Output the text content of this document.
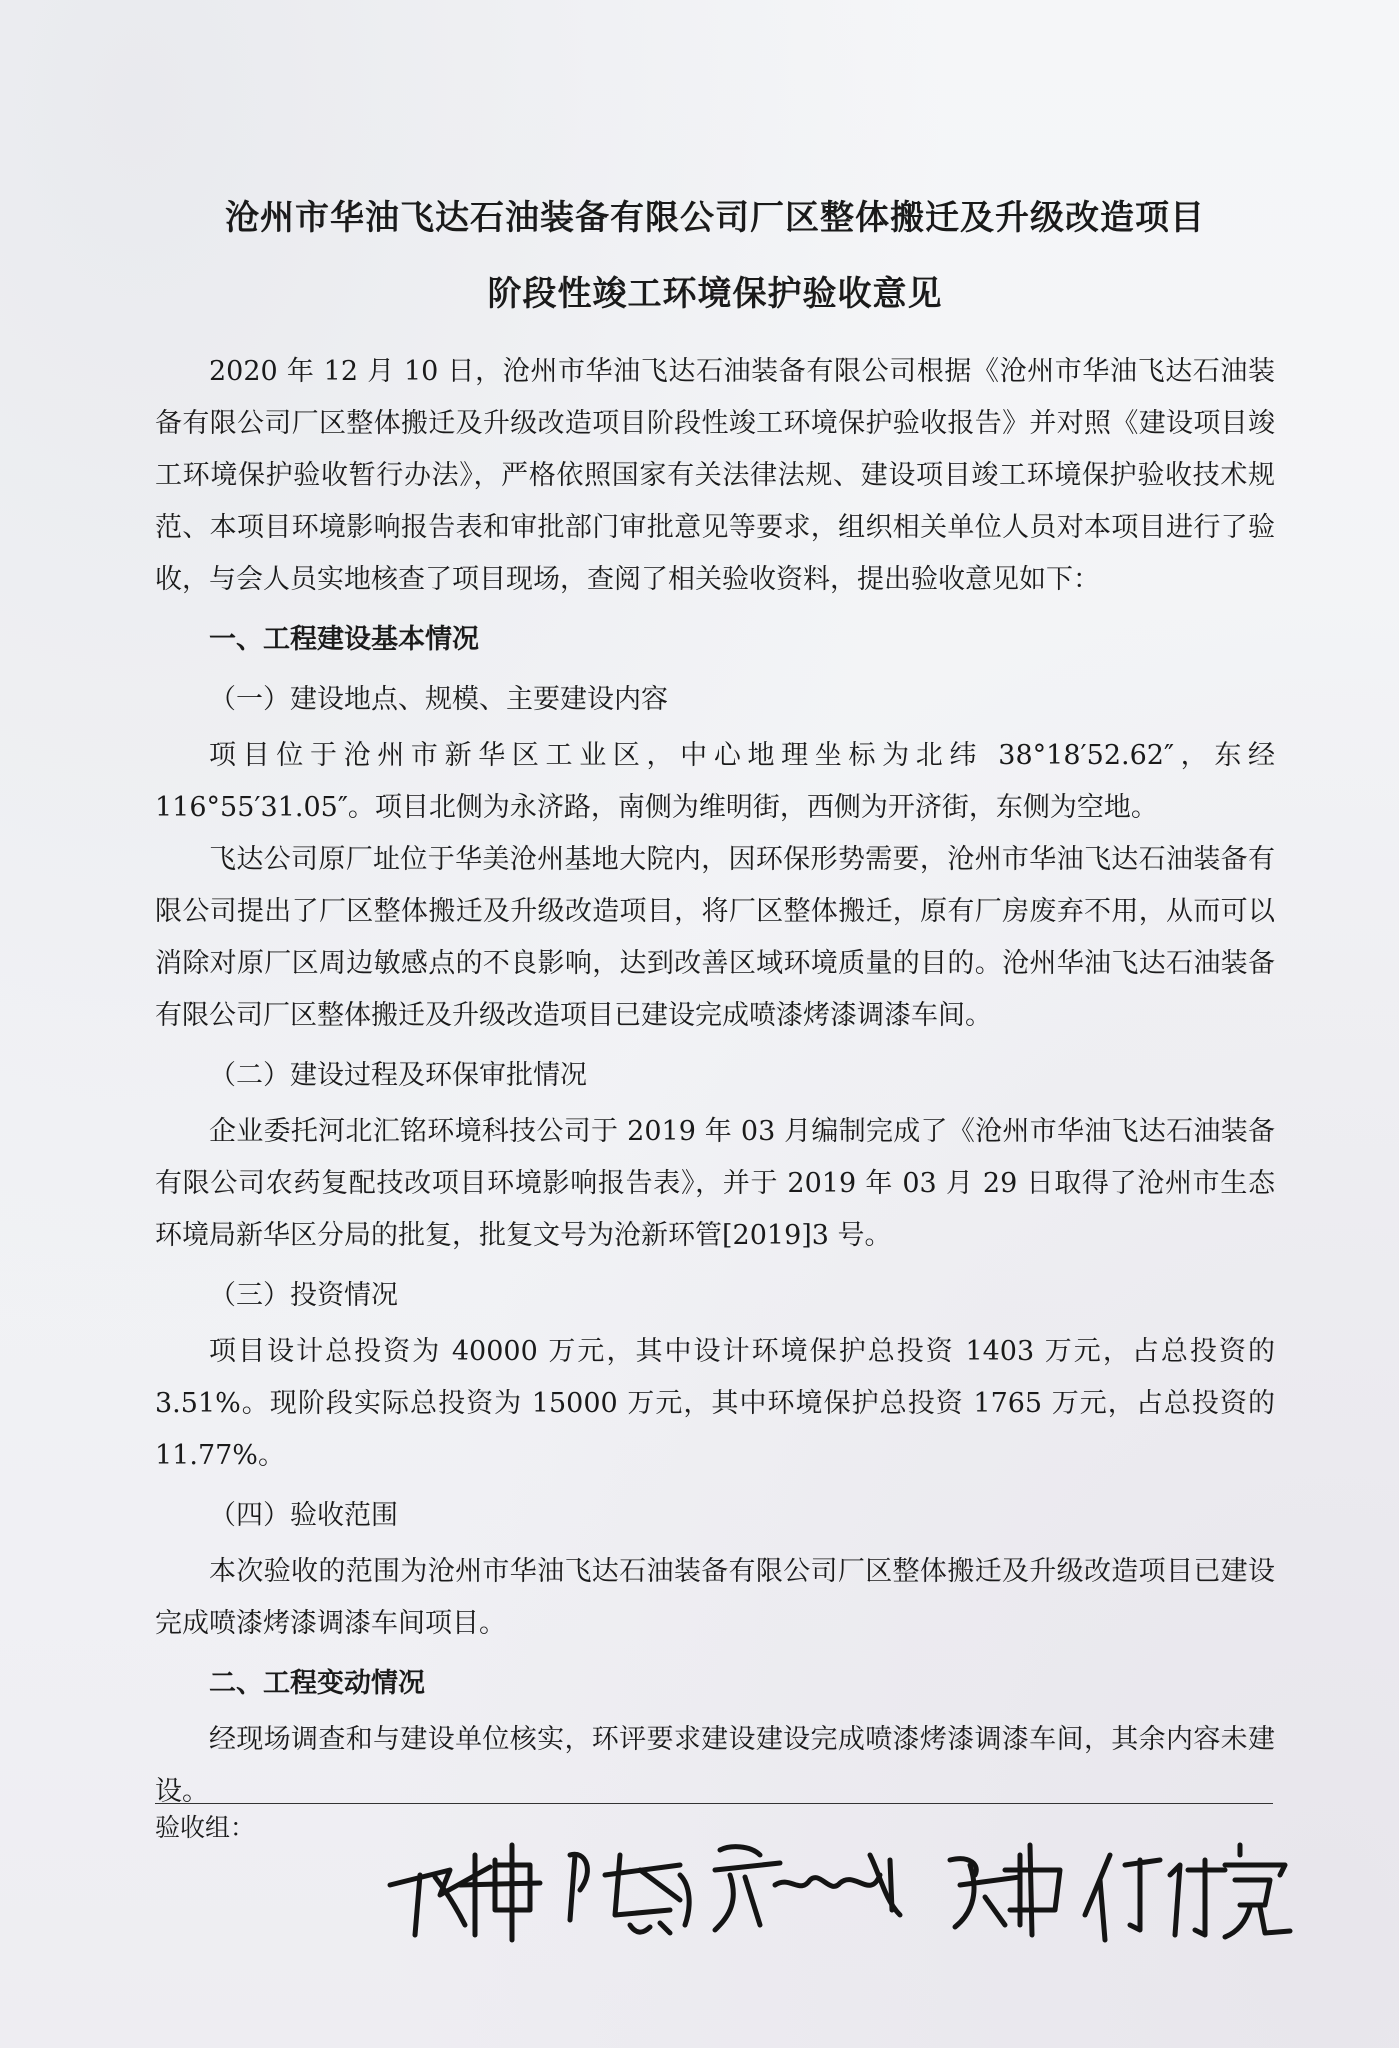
沧州市华油飞达石油装备有限公司厂区整体搬迁及升级改造项目
阶段性竣工环境保护验收意见

2020 年 12 月 10 日，沧州市华油飞达石油装备有限公司根据《沧州市华油飞达石油装备有限公司厂区整体搬迁及升级改造项目阶段性竣工环境保护验收报告》并对照《建设项目竣工环境保护验收暂行办法》，严格依照国家有关法律法规、建设项目竣工环境保护验收技术规范、本项目环境影响报告表和审批部门审批意见等要求，组织相关单位人员对本项目进行了验收，与会人员实地核查了项目现场，查阅了相关验收资料，提出验收意见如下：

一、工程建设基本情况

（一）建设地点、规模、主要建设内容

项目位于沧州市新华区工业区，中心地理坐标为北纬 38°18′52.62″，东经 116°55′31.05″。项目北侧为永济路，南侧为维明街，西侧为开济街，东侧为空地。

飞达公司原厂址位于华美沧州基地大院内，因环保形势需要，沧州市华油飞达石油装备有限公司提出了厂区整体搬迁及升级改造项目，将厂区整体搬迁，原有厂房废弃不用，从而可以消除对原厂区周边敏感点的不良影响，达到改善区域环境质量的目的。沧州华油飞达石油装备有限公司厂区整体搬迁及升级改造项目已建设完成喷漆烤漆调漆车间。

（二）建设过程及环保审批情况

企业委托河北汇铭环境科技公司于 2019 年 03 月编制完成了《沧州市华油飞达石油装备有限公司农药复配技改项目环境影响报告表》，并于 2019 年 03 月 29 日取得了沧州市生态环境局新华区分局的批复，批复文号为沧新环管[2019]3 号。

（三）投资情况

项目设计总投资为 40000 万元，其中设计环境保护总投资 1403 万元，占总投资的 3.51%。现阶段实际总投资为 15000 万元，其中环境保护总投资 1765 万元，占总投资的 11.77%。

（四）验收范围

本次验收的范围为沧州市华油飞达石油装备有限公司厂区整体搬迁及升级改造项目已建设完成喷漆烤漆调漆车间项目。

二、工程变动情况

经现场调查和与建设单位核实，环评要求建设建设完成喷漆烤漆调漆车间，其余内容未建设。

验收组：
